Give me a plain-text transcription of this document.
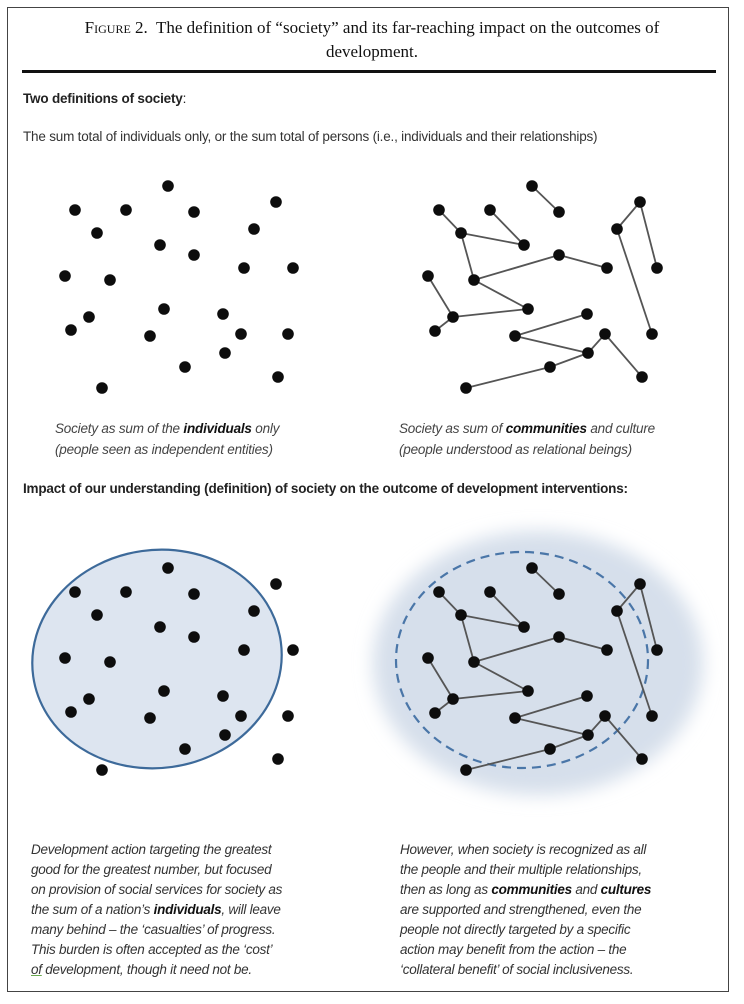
Figure 2. The definition of “society” and its far-reaching impact on the outcomes of
development.
Two definitions of society:
The sum total of individuals only, or the sum total of persons (i.e., individuals and their relationships)
Society as sum of the individuals only
(people seen as independent entities)
Society as sum of communities and culture
(people understood as relational beings)
Impact of our understanding (definition) of society on the outcome of development interventions:
Development action targeting the greatest
good for the greatest number, but focused
on provision of social services for society as
the sum of a nation’s individuals, will leave
many behind – the ‘casualties’ of progress.
This burden is often accepted as the ‘cost’
of development, though it need not be.
However, when society is recognized as all
the people and their multiple relationships,
then as long as communities and cultures
are supported and strengthened, even the
people not directly targeted by a specific
action may benefit from the action – the
‘collateral benefit’ of social inclusiveness.
